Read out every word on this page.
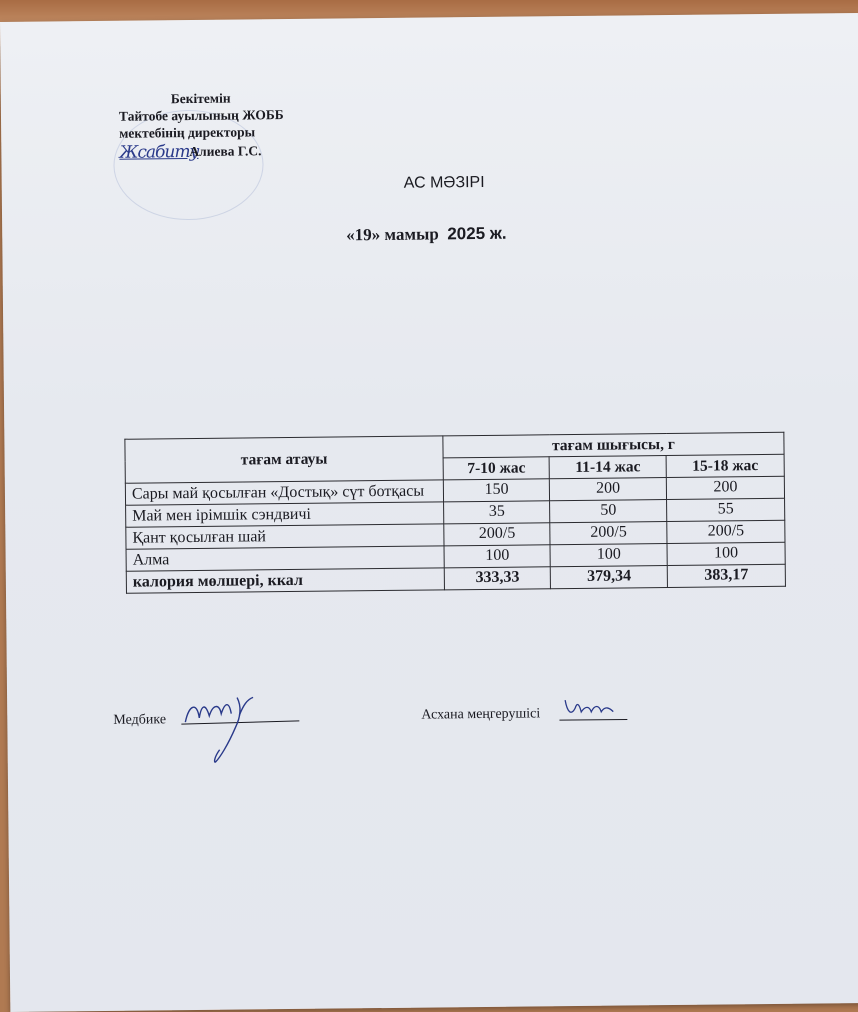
Бекітемін
Тайтобе ауылының ЖОББ
мектебінің директоры
Жсабиту
Алиева Г.С.
АС МӘЗІРІ
«19» мамыр 2025 ж.
тағам атауы	тағам шығысы, г		
	7-10 жас	11-14 жас	15-18 жас
Сары май қосылған «Достық» сүт ботқасы	150	200	200
Май мен ірімшік сэндвичі	35	50	55
Қант қосылған шай	200/5	200/5	200/5
Алма	100	100	100
калория мөлшері, ккал	333,33	379,34	383,17
Медбике	Асхана меңгерушісі
